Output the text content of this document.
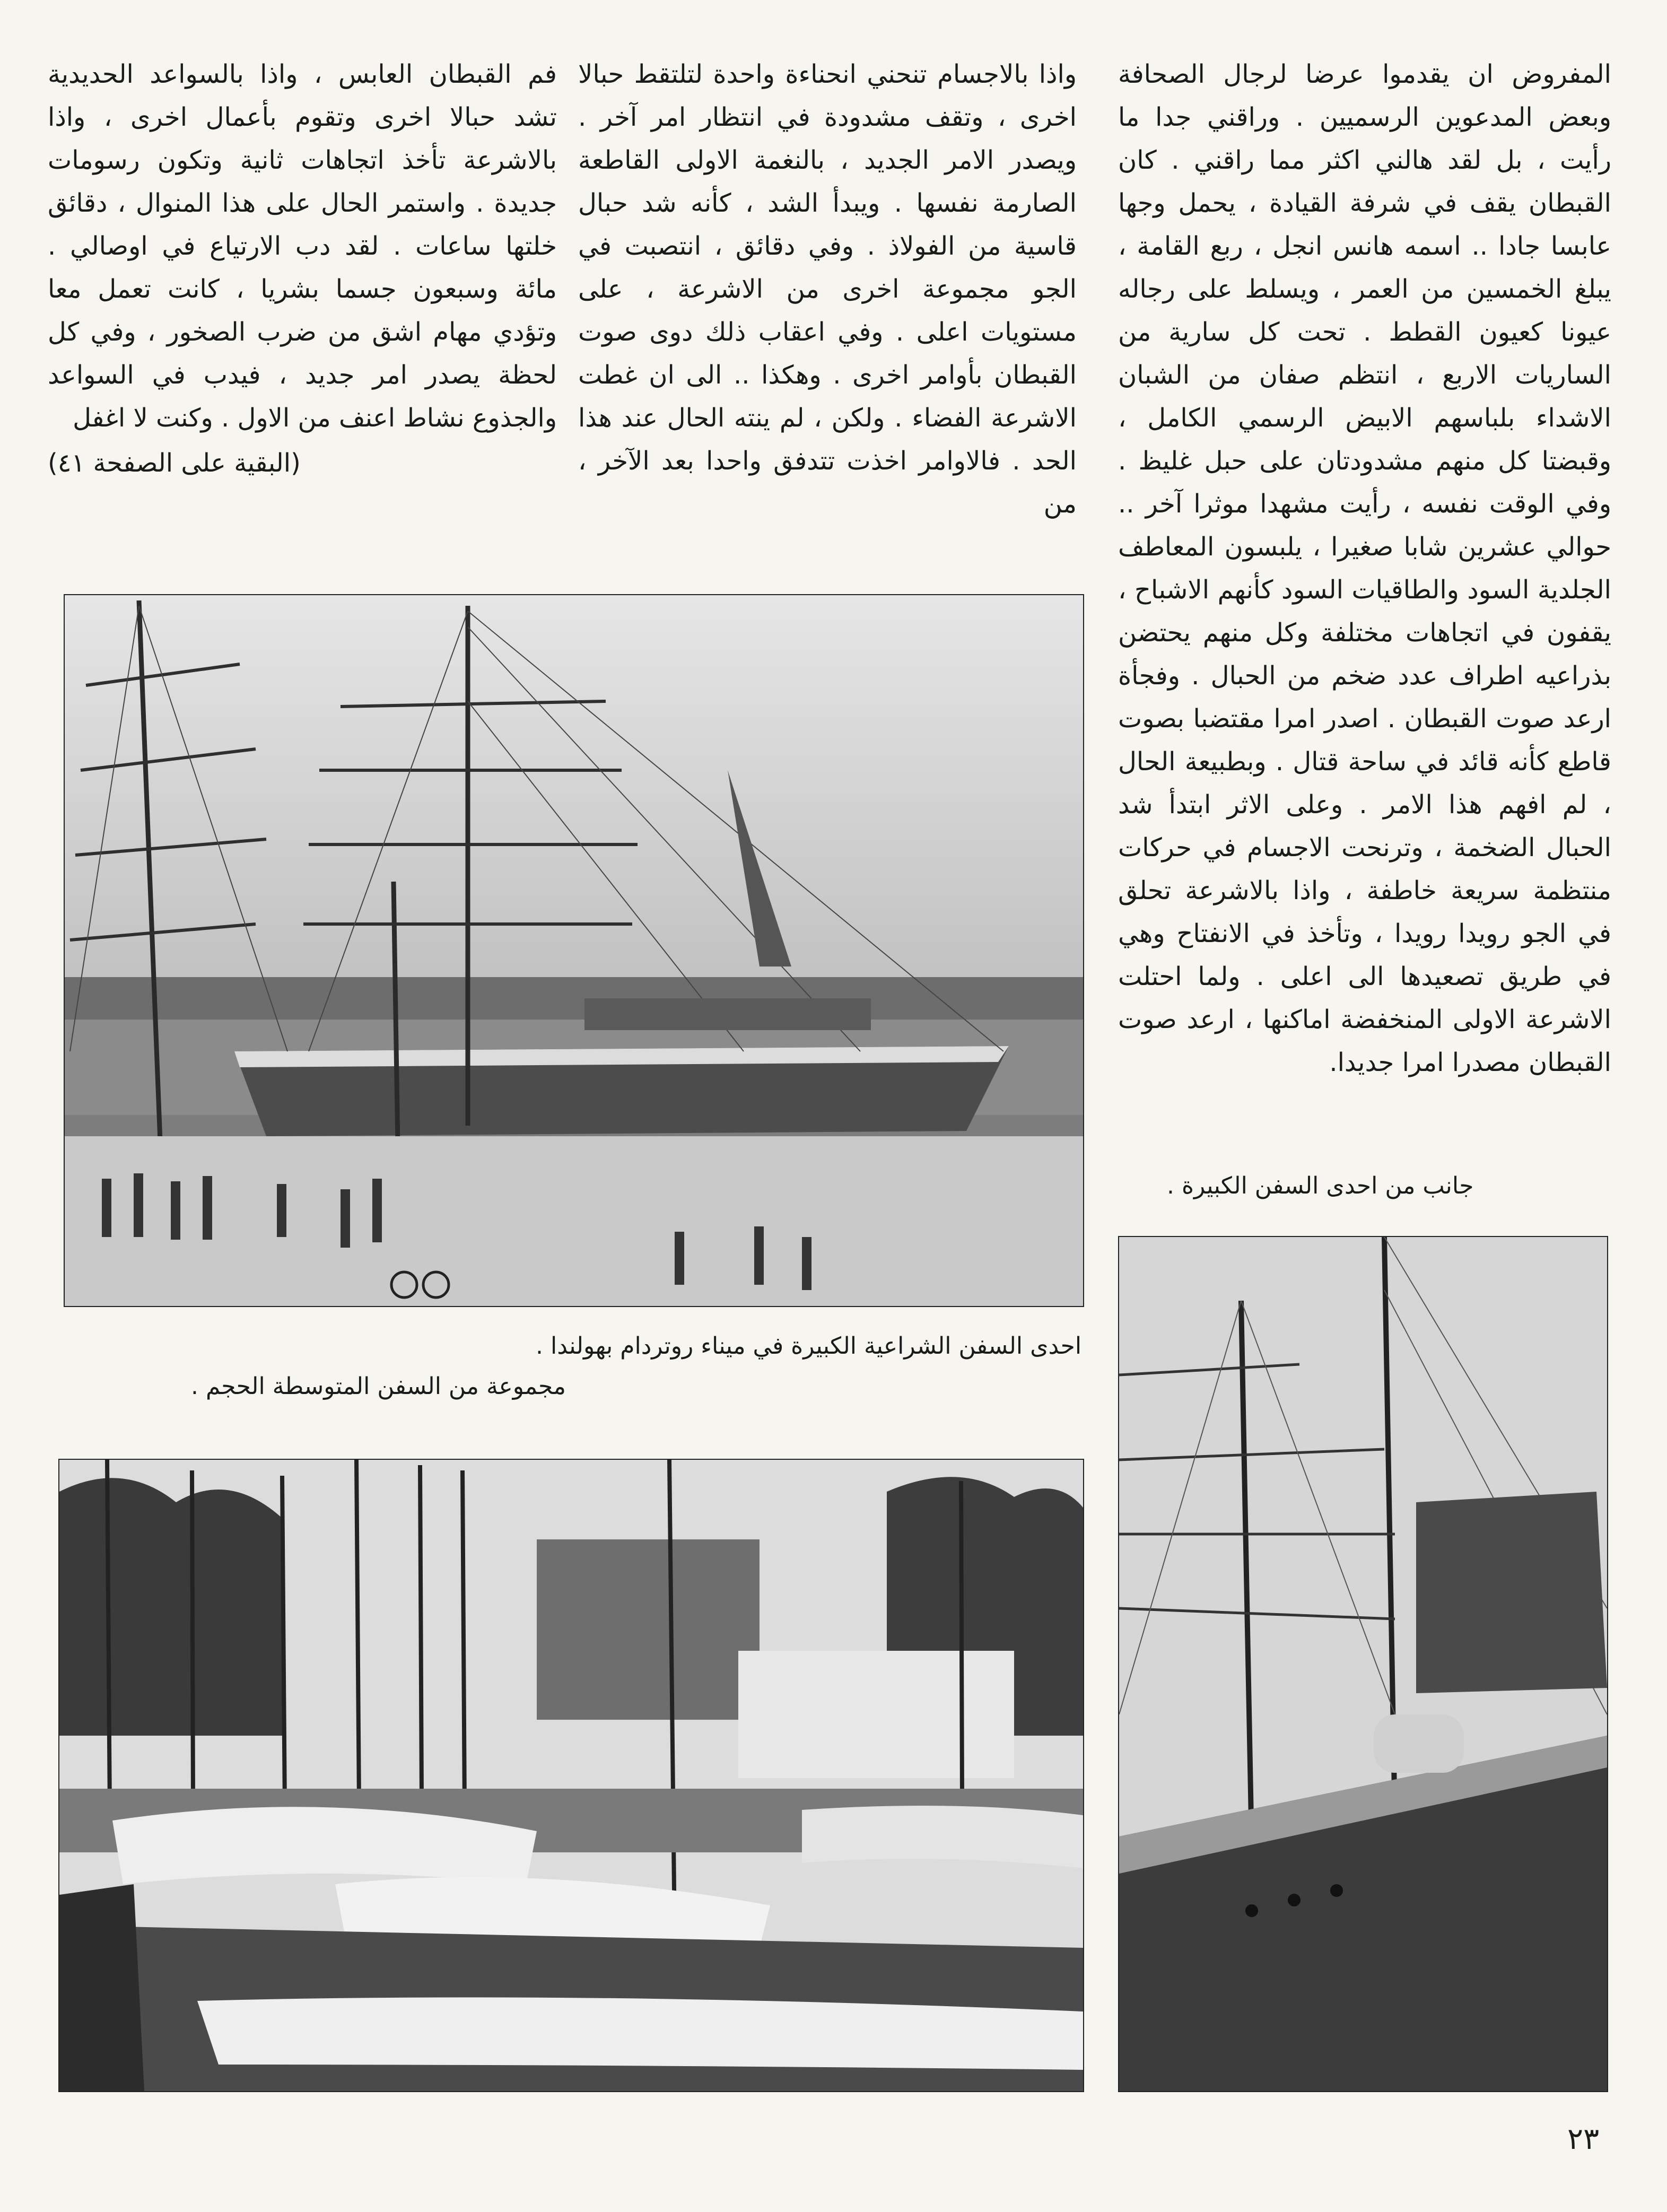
المفروض ان يقدموا عرضا لرجال الصحافة وبعض المدعوين الرسميين . وراقني جدا ما رأيت ، بل لقد هالني اكثر مما راقني . كان القبطان يقف في شرفة القيادة ، يحمل وجها عابسا جادا .. اسمه هانس انجل ، ربع القامة ، يبلغ الخمسين من العمر ، ويسلط على رجاله عيونا كعيون القطط . تحت كل سارية من الساريات الاربع ، انتظم صفان من الشبان الاشداء بلباسهم الابيض الرسمي الكامل ، وقبضتا كل منهم مشدودتان على حبل غليظ . وفي الوقت نفسه ، رأيت مشهدا موثرا آخر .. حوالي عشرين شابا صغيرا ، يلبسون المعاطف الجلدية السود والطاقيات السود كأنهم الاشباح ، يقفون في اتجاهات مختلفة وكل منهم يحتضن بذراعيه اطراف عدد ضخم من الحبال . وفجأة ارعد صوت القبطان . اصدر امرا مقتضبا بصوت قاطع كأنه قائد في ساحة قتال . وبطبيعة الحال ، لم افهم هذا الامر . وعلى الاثر ابتدأ شد الحبال الضخمة ، وترنحت الاجسام في حركات منتظمة سريعة خاطفة ، واذا بالاشرعة تحلق في الجو رويدا رويدا ، وتأخذ في الانفتاح وهي في طريق تصعيدها الى اعلى . ولما احتلت الاشرعة الاولى المنخفضة اماكنها ، ارعد صوت القبطان مصدرا امرا جديدا.

واذا بالاجسام تنحني انحناءة واحدة لتلتقط حبالا اخرى ، وتقف مشدودة في انتظار امر آخر . ويصدر الامر الجديد ، بالنغمة الاولى القاطعة الصارمة نفسها . ويبدأ الشد ، كأنه شد حبال قاسية من الفولاذ . وفي دقائق ، انتصبت في الجو مجموعة اخرى من الاشرعة ، على مستويات اعلى . وفي اعقاب ذلك دوى صوت القبطان بأوامر اخرى . وهكذا .. الى ان غطت الاشرعة الفضاء . ولكن ، لم ينته الحال عند هذا الحد . فالاوامر اخذت تتدفق واحدا بعد الآخر ، من

فم القبطان العابس ، واذا بالسواعد الحديدية تشد حبالا اخرى وتقوم بأعمال اخرى ، واذا بالاشرعة تأخذ اتجاهات ثانية وتكون رسومات جديدة . واستمر الحال على هذا المنوال ، دقائق خلتها ساعات . لقد دب الارتياع في اوصالي . مائة وسبعون جسما بشريا ، كانت تعمل معا وتؤدي مهام اشق من ضرب الصخور ، وفي كل لحظة يصدر امر جديد ، فيدب في السواعد والجذوع نشاط اعنف من الاول . وكنت لا اغفل

(البقية على الصفحة ٤١)
جانب من احدى السفن الكبيرة .
احدى السفن الشراعية الكبيرة في ميناء روتردام بهولندا .
مجموعة من السفن المتوسطة الحجم .
٢٣
